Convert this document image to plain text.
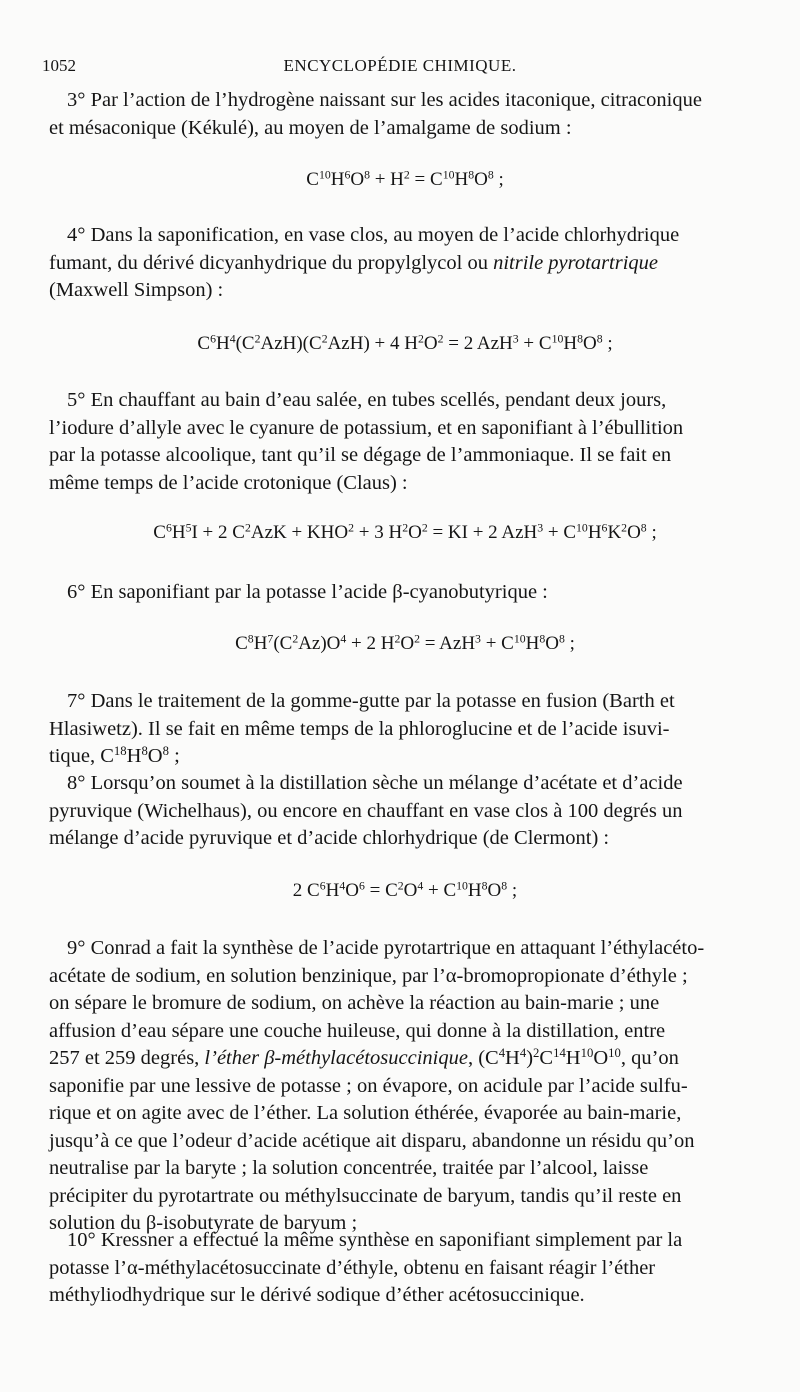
1052	ENCYCLOPÉDIE CHIMIQUE.
3° Par l’action de l’hydrogène naissant sur les acides itaconique, citraconique
et mésaconique (Kékulé), au moyen de l’amalgame de sodium :
$C^{10}H^6O^8 + H^2 = C^{10}H^8O^8$ ;
4° Dans la saponification, en vase clos, au moyen de l’acide chlorhydrique
fumant, du dérivé dicyanhydrique du propylglycol ou nitrile pyrotartrique
(Maxwell Simpson) :
$C^6H^4(C^2AzH)(C^2AzH) + 4$ $H^2O^2 = 2$ $AzH^3 + C^{10}H^8O^8$ ;
5° En chauffant au bain d’eau salée, en tubes scellés, pendant deux jours,
l’iodure d’allyle avec le cyanure de potassium, et en saponifiant à l’ébullition
par la potasse alcoolique, tant qu’il se dégage de l’ammoniaque. Il se fait en
même temps de l’acide crotonique (Claus) :
$C^6H^5I + 2$ $C^2AzK + KHO^2 + 3$ $H^2O^2$ = KI + 2 $AzH^3 + C^{10}H^6K^2O^8$ ;
6° En saponifiant par la potasse l’acide β-cyanobutyrique :
$C^8H^7(C^2Az)O^4 + 2$ $H^2O^2 = AzH^3 + C^{10}H^8O^8$ ;
7° Dans le traitement de la gomme-gutte par la potasse en fusion (Barth et
Hlasiwetz). Il se fait en même temps de la phloroglucine et de l’acide isuvi-
tique, $C^{18}H^8O^8$ ;
8° Lorsqu’on soumet à la distillation sèche un mélange d’acétate et d’acide
pyruvique (Wichelhaus), ou encore en chauffant en vase clos à 100 degrés un
mélange d’acide pyruvique et d’acide chlorhydrique (de Clermont) :
2 $C^6H^4O^6 = C^2O^4 + C^{10}H^8O^8$ ;
9° Conrad a fait la synthèse de l’acide pyrotartrique en attaquant l’éthylacéto-
acétate de sodium, en solution benzinique, par l’α-bromopropionate d’éthyle ;
on sépare le bromure de sodium, on achève la réaction au bain-marie ; une
affusion d’eau sépare une couche huileuse, qui donne à la distillation, entre
257 et 259 degrés, l’éther β-méthylacétosuccinique, $(C^4H^4)^2C^{14}H^{10}O^{10}$, qu’on
saponifie par une lessive de potasse ; on évapore, on acidule par l’acide sulfu-
rique et on agite avec de l’éther. La solution éthérée, évaporée au bain-marie,
jusqu’à ce que l’odeur d’acide acétique ait disparu, abandonne un résidu qu’on
neutralise par la baryte ; la solution concentrée, traitée par l’alcool, laisse
précipiter du pyrotartrate ou méthylsuccinate de baryum, tandis qu’il reste en
solution du β-isobutyrate de baryum ;
10° Kressner a effectué la même synthèse en saponifiant simplement par la
potasse l’α-méthylacétosuccinate d’éthyle, obtenu en faisant réagir l’éther
méthyliodhydrique sur le dérivé sodique d’éther acétosuccinique.
